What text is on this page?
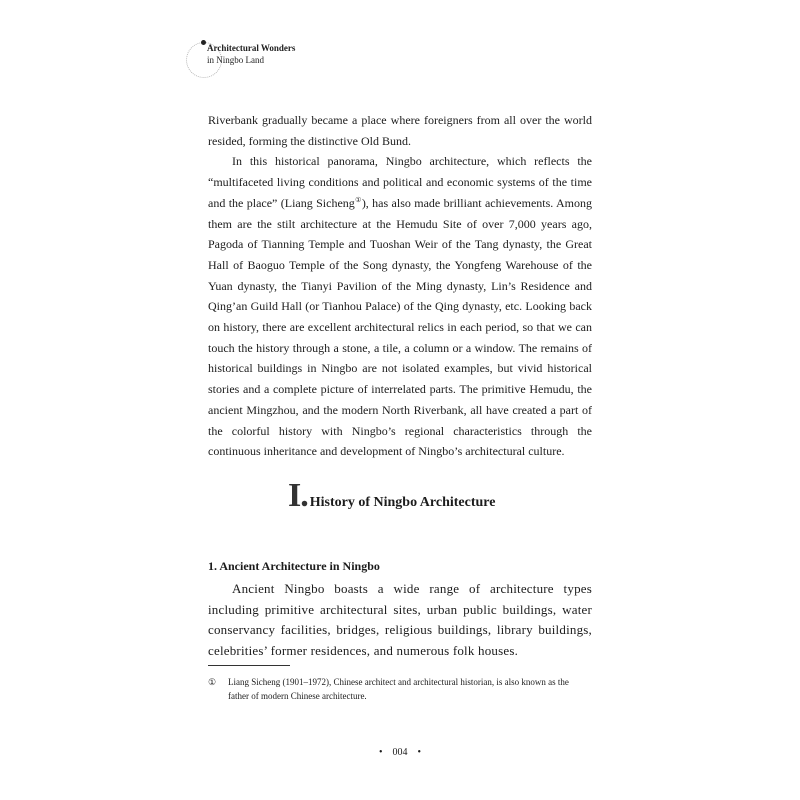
Architectural Wonders
in Ningbo Land

Riverbank gradually became a place where foreigners from all over the world resided, forming the distinctive Old Bund.

In this historical panorama, Ningbo architecture, which reflects the “multifaceted living conditions and political and economic systems of the time and the place” (Liang Sicheng①), has also made brilliant achievements. Among them are the stilt architecture at the Hemudu Site of over 7,000 years ago, Pagoda of Tianning Temple and Tuoshan Weir of the Tang dynasty, the Great Hall of Baoguo Temple of the Song dynasty, the Yongfeng Warehouse of the Yuan dynasty, the Tianyi Pavilion of the Ming dynasty, Lin’s Residence and Qing’an Guild Hall (or Tianhou Palace) of the Qing dynasty, etc. Looking back on history, there are excellent architectural relics in each period, so that we can touch the history through a stone, a tile, a column or a window. The remains of historical buildings in Ningbo are not isolated examples, but vivid historical stories and a complete picture of interrelated parts. The primitive Hemudu, the ancient Mingzhou, and the modern North Riverbank, all have created a part of the colorful history with Ningbo’s regional characteristics through the continuous inheritance and development of Ningbo’s architectural culture.

I. History of Ningbo Architecture
1. Ancient Architecture in Ningbo

Ancient Ningbo boasts a wide range of architecture types including primitive architectural sites, urban public buildings, water conservancy facilities, bridges, religious buildings, library buildings, celebrities’ former residences, and numerous folk houses.

① Liang Sicheng (1901–1972), Chinese architect and architectural historian, is also known as the father of modern Chinese architecture.
• 004 •
